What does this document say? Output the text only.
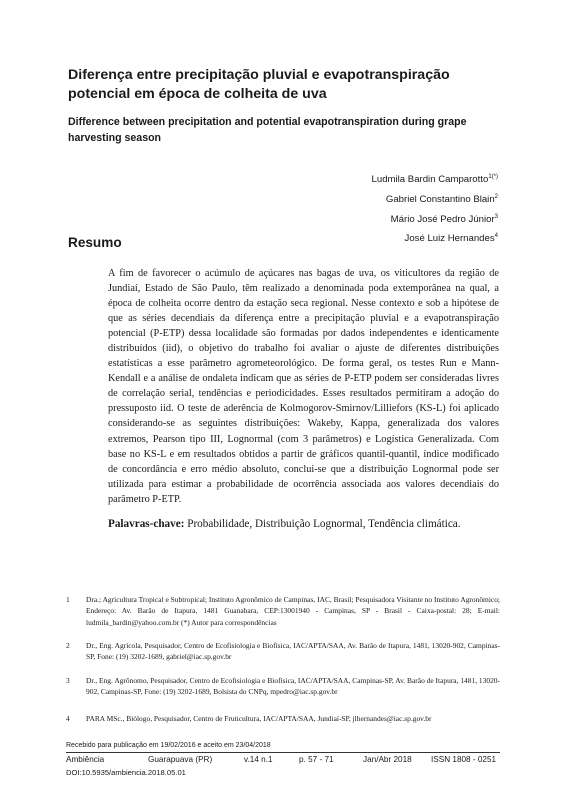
Diferença entre precipitação pluvial e evapotranspiração potencial em época de colheita de uva
Difference between precipitation and potential evapotranspiration during grape harvesting season
Ludmila Bardin Camparotto$^{1(*)}$
Gabriel Constantino Blain$^2$
Mário José Pedro Júnior$^3$
José Luiz Hernandes$^4$
Resumo
A fim de favorecer o acúmulo de açúcares nas bagas de uva, os viticultores da região de Jundiaí, Estado de São Paulo, têm realizado a denominada poda extemporânea na qual, a época de colheita ocorre dentro da estação seca regional. Nesse contexto e sob a hipótese de que as séries decendiais da diferença entre a precipitação pluvial e a evapotranspiração potencial (P-ETP) dessa localidade são formadas por dados independentes e identicamente distribuídos (iid), o objetivo do trabalho foi avaliar o ajuste de diferentes distribuições estatísticas a esse parâmetro agrometeorológico. De forma geral, os testes Run e Mann-Kendall e a análise de ondaleta indicam que as séries de P-ETP podem ser consideradas livres de correlação serial, tendências e periodicidades. Esses resultados permitiram a adoção do pressuposto iid. O teste de aderência de Kolmogorov-Smirnov/Lilliefors (KS-L) foi aplicado considerando-se as seguintes distribuições: Wakeby, Kappa, generalizada dos valores extremos, Pearson tipo III, Lognormal (com 3 parâmetros) e Logística Generalizada. Com base no KS-L e em resultados obtidos a partir de gráficos quantil-quantil, índice modificado de concordância e erro médio absoluto, conclui-se que a distribuição Lognormal pode ser utilizada para estimar a probabilidade de ocorrência associada aos valores decendiais do parâmetro P-ETP.
Palavras-chave: Probabilidade, Distribuição Lognormal, Tendência climática.
1 Dra.; Agricultura Tropical e Subtropical; Instituto Agronômico de Campinas, IAC, Brasil; Pesquisadora Visitante no Instituto Agronômico; Endereço: Av. Barão de Itapura, 1481 Guanabara, CEP:13001940 - Campinas, SP - Brasil - Caixa-postal: 28; E-mail: ludmila_bardin@yahoo.com.br (*) Autor para correspondências
2 Dr., Eng. Agrícola, Pesquisador, Centro de Ecofisiologia e Biofísica, IAC/APTA/SAA, Av. Barão de Itapura, 1481, 13020-902, Campinas-SP, Fone: (19) 3202-1689, gabriel@iac.sp.gov.br
3 Dr., Eng. Agrônomo, Pesquisador, Centro de Ecofisiologia e Biofísica, IAC/APTA/SAA, Campinas-SP, Av. Barão de Itapura, 1481, 13020-902, Campinas-SP, Fone: (19) 3202-1689, Bolsista do CNPq, mpedro@iac.sp.gov.br
4 PARA MSc., Biólogo, Pesquisador, Centro de Fruticultura, IAC/APTA/SAA, Jundiaí-SP, jlhernandes@iac.sp.gov.br
Recebido para publicação em 19/02/2016 e aceito em 23/04/2018
Ambiência	Guarapuava (PR)	v.14 n.1	p. 57 - 71	Jan/Abr 2018 ISSN 1808 - 0251
DOI:10.5935/ambiencia.2018.05.01
